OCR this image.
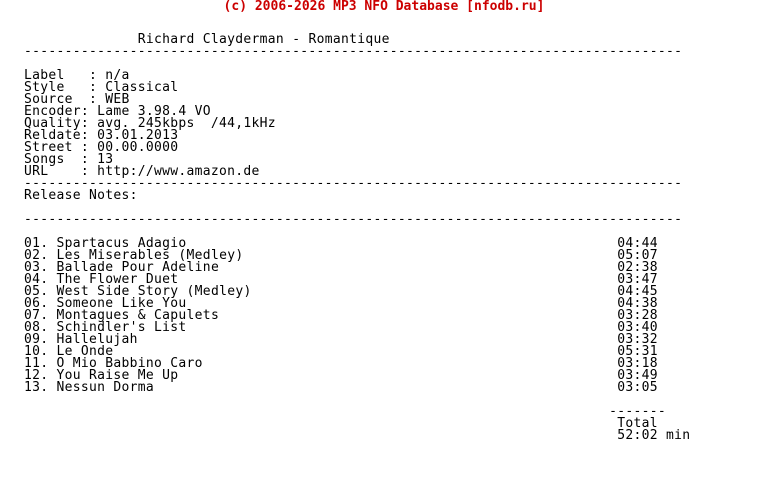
(c) 2006-2026 MP3 NFO Database [nfodb.ru]
Richard Clayderman - Romantique
---------------------------------------------------------------------------------

Label   : n/a
Style   : Classical
Source  : WEB
Encoder: Lame 3.98.4 VO
Quality: avg. 245kbps  /44,1kHz
Reldate: 03.01.2013
Street : 00.00.0000
Songs  : 13
URL    : http://www.amazon.de
---------------------------------------------------------------------------------
Release Notes:

---------------------------------------------------------------------------------

01. Spartacus Adagio	04:44
02. Les Miserables (Medley)	05:07
03. Ballade Pour Adeline	02:38
04. The Flower Duet	03:47
05. West Side Story (Medley)	04:45
06. Someone Like You	04:38
07. Montagues & Capulets	03:28
08. Schindler's List	03:40
09. Hallelujah	03:32
10. Le Onde	05:31
11. O Mio Babbino Caro	03:18
12. You Raise Me Up	03:49
13. Nessun Dorma	03:05

-------
Total
52:02 min
